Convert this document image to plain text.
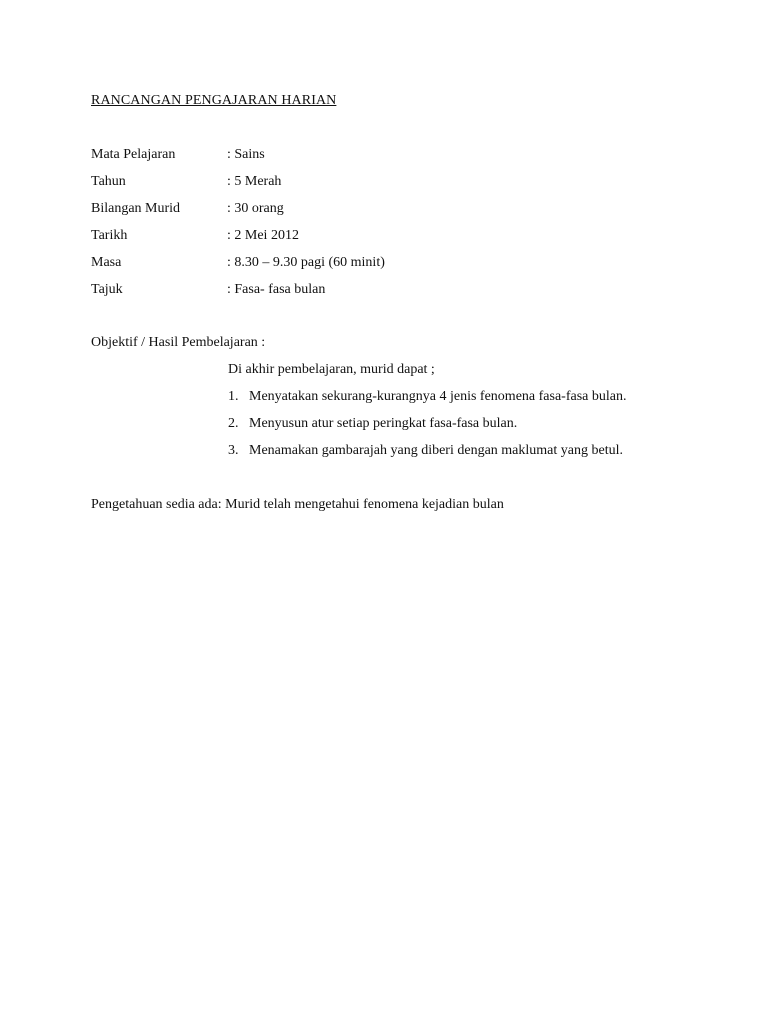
RANCANGAN PENGAJARAN HARIAN
Mata Pelajaran	: Sains
Tahun	: 5 Merah
Bilangan Murid	: 30 orang
Tarikh	: 2 Mei 2012
Masa	: 8.30 – 9.30 pagi (60 minit)
Tajuk	: Fasa- fasa bulan
Objektif / Hasil Pembelajaran :
Di akhir pembelajaran, murid dapat ;
1. Menyatakan sekurang-kurangnya 4 jenis fenomena fasa-fasa bulan.
2. Menyusun atur setiap peringkat fasa-fasa bulan.
3. Menamakan gambarajah yang diberi dengan maklumat yang betul.
Pengetahuan sedia ada: Murid telah mengetahui fenomena kejadian bulan
